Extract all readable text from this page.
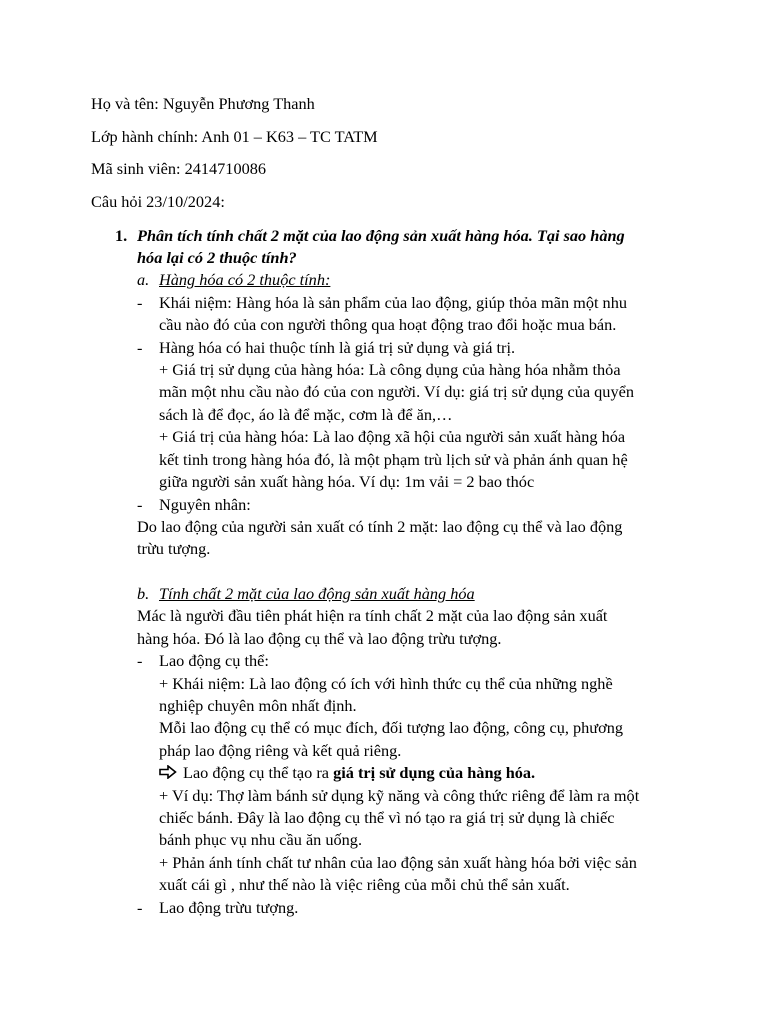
Họ và tên: Nguyễn Phương Thanh
Lớp hành chính: Anh 01 – K63 – TC TATM
Mã sinh viên: 2414710086
Câu hỏi 23/10/2024:
1. Phân tích tính chất 2 mặt của lao động sản xuất hàng hóa. Tại sao hàng
hóa lại có 2 thuộc tính?
a. Hàng hóa có 2 thuộc tính:
- Khái niệm: Hàng hóa là sản phẩm của lao động, giúp thỏa mãn một nhu
cầu nào đó của con người thông qua hoạt động trao đổi hoặc mua bán.
- Hàng hóa có hai thuộc tính là giá trị sử dụng và giá trị.
+ Giá trị sử dụng của hàng hóa: Là công dụng của hàng hóa nhằm thỏa
mãn một nhu cầu nào đó của con người. Ví dụ: giá trị sử dụng của quyển
sách là để đọc, áo là để mặc, cơm là để ăn,…
+ Giá trị của hàng hóa: Là lao động xã hội của người sản xuất hàng hóa
kết tinh trong hàng hóa đó, là một phạm trù lịch sử và phản ánh quan hệ
giữa người sản xuất hàng hóa. Ví dụ: 1m vải = 2 bao thóc
- Nguyên nhân:
Do lao động của người sản xuất có tính 2 mặt: lao động cụ thể và lao động
trừu tượng.
b. Tính chất 2 mặt của lao động sản xuất hàng hóa
Mác là người đầu tiên phát hiện ra tính chất 2 mặt của lao động sản xuất
hàng hóa. Đó là lao động cụ thể và lao động trừu tượng.
- Lao động cụ thể:
+ Khái niệm: Là lao động có ích với hình thức cụ thể của những nghề
nghiệp chuyên môn nhất định.
Mỗi lao động cụ thể có mục đích, đối tượng lao động, công cụ, phương
pháp lao động riêng và kết quả riêng.
Lao động cụ thể tạo ra giá trị sử dụng của hàng hóa.
+ Ví dụ: Thợ làm bánh sử dụng kỹ năng và công thức riêng để làm ra một
chiếc bánh. Đây là lao động cụ thể vì nó tạo ra giá trị sử dụng là chiếc
bánh phục vụ nhu cầu ăn uống.
+ Phản ánh tính chất tư nhân của lao động sản xuất hàng hóa bởi việc sản
xuất cái gì , như thế nào là việc riêng của mỗi chủ thể sản xuất.
- Lao động trừu tượng.
